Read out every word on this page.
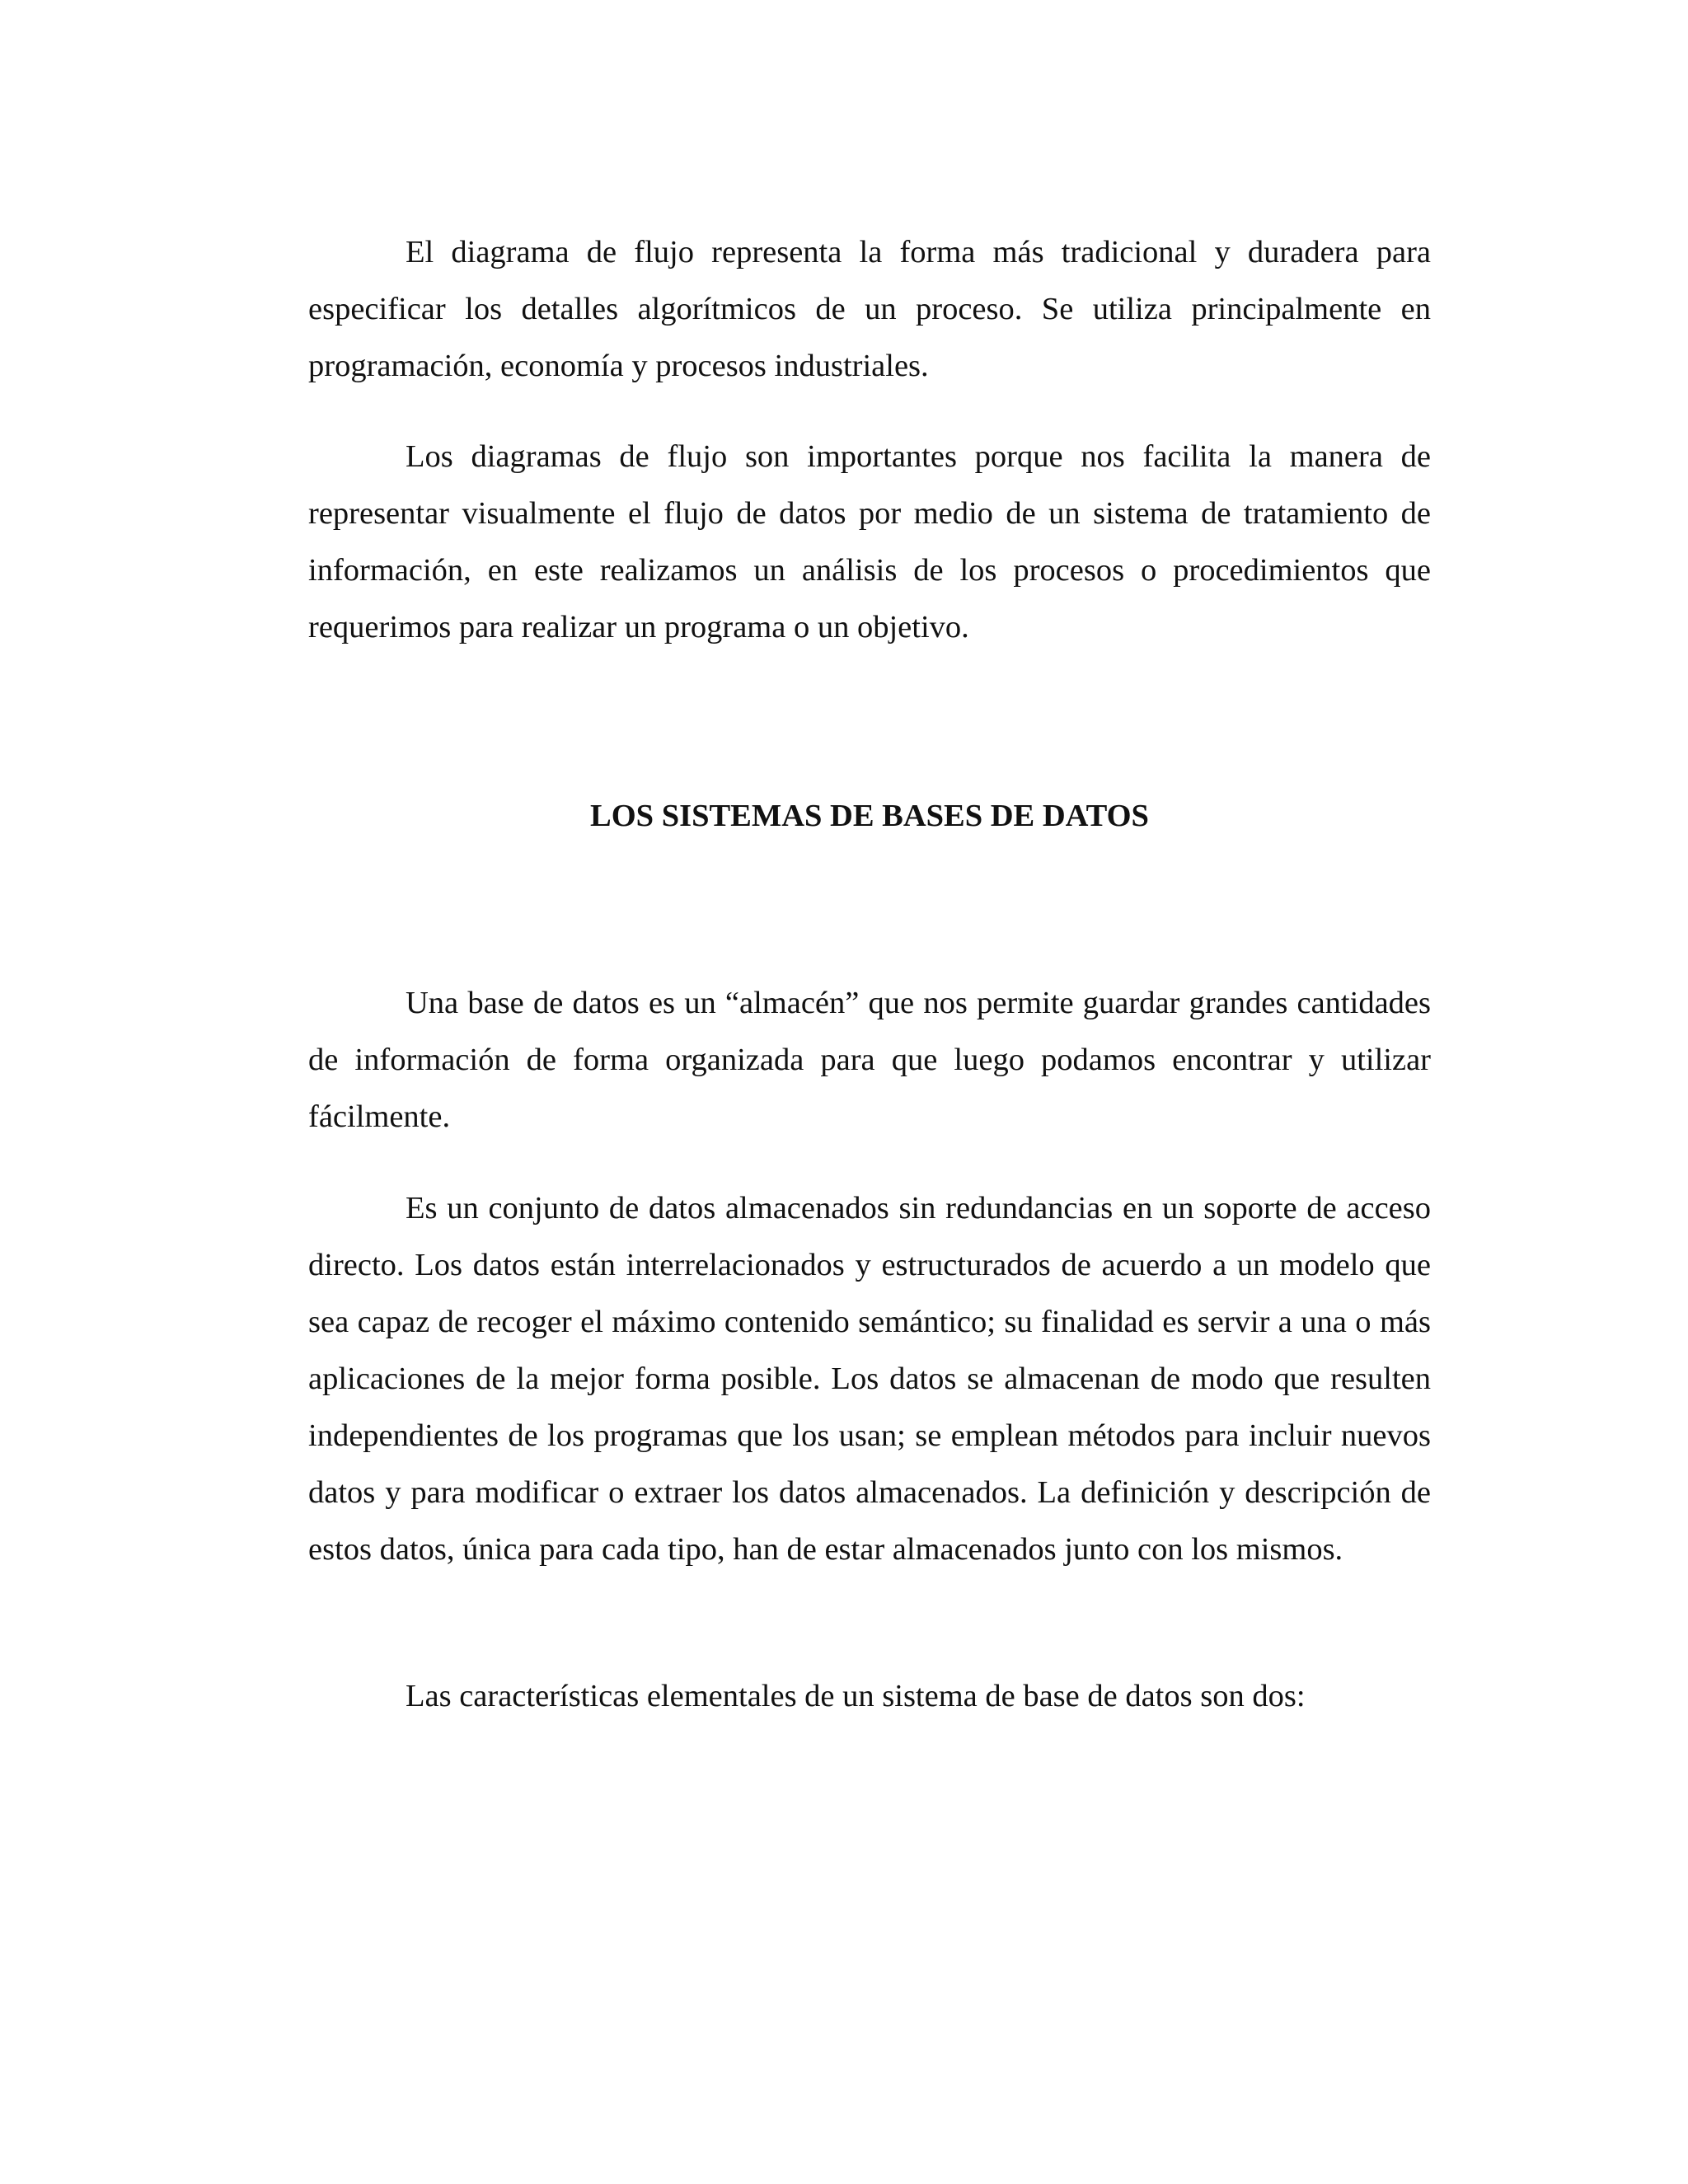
El diagrama de flujo representa la forma más tradicional y duradera para especificar los detalles algorítmicos de un proceso. Se utiliza principalmente en programación, economía y procesos industriales.

Los diagramas de flujo son importantes porque nos facilita la manera de representar visualmente el flujo de datos por medio de un sistema de tratamiento de información, en este realizamos un análisis de los procesos o procedimientos que requerimos para realizar un programa o un objetivo.

LOS SISTEMAS DE BASES DE DATOS

Una base de datos es un “almacén” que nos permite guardar grandes cantidades de información de forma organizada para que luego podamos encontrar y utilizar fácilmente.

Es un conjunto de datos almacenados sin redundancias en un soporte de acceso directo. Los datos están interrelacionados y estructurados de acuerdo a un modelo que sea capaz de recoger el máximo contenido semántico; su finalidad es servir a una o más aplicaciones de la mejor forma posible. Los datos se almacenan de modo que resulten independientes de los programas que los usan; se emplean métodos para incluir nuevos datos y para modificar o extraer los datos almacenados. La definición y descripción de estos datos, única para cada tipo, han de estar almacenados junto con los mismos.

Las características elementales de un sistema de base de datos son dos:
